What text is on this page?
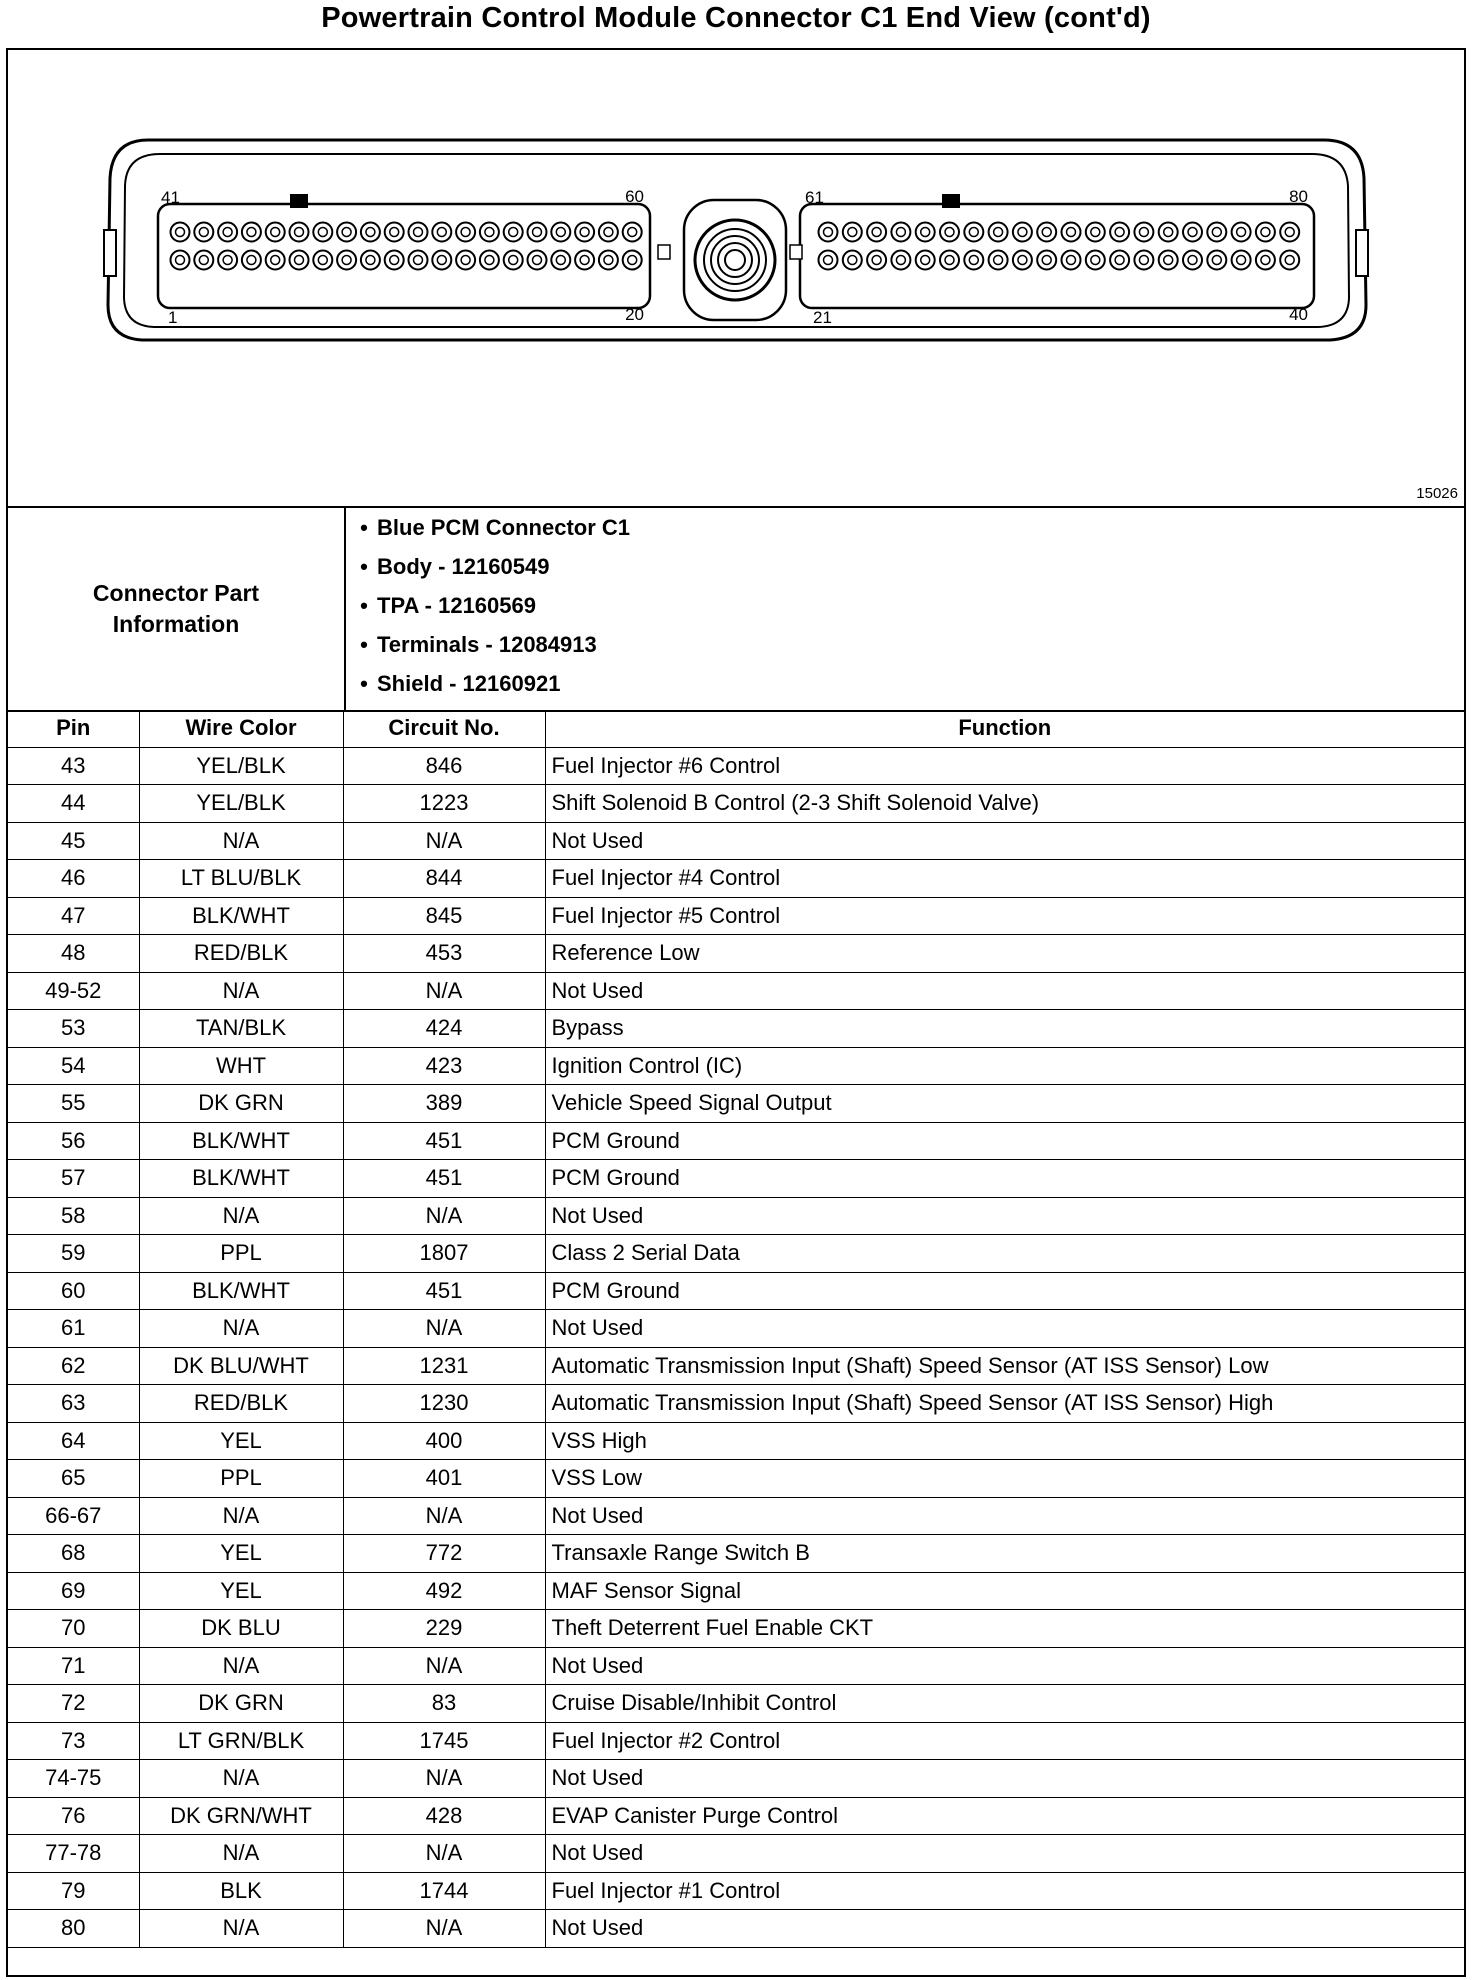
Powertrain Control Module Connector C1 End View (cont'd)
41	60
1	20
61	80
21	40
15026
Connector Part Information
• Blue PCM Connector C1
• Body - 12160549
• TPA - 12160569
• Terminals - 12084913
• Shield - 12160921
Pin	Wire Color	Circuit No.	Function
43	YEL/BLK	846	Fuel Injector #6 Control
44	YEL/BLK	1223	Shift Solenoid B Control (2-3 Shift Solenoid Valve)
45	N/A	N/A	Not Used
46	LT BLU/BLK	844	Fuel Injector #4 Control
47	BLK/WHT	845	Fuel Injector #5 Control
48	RED/BLK	453	Reference Low
49-52	N/A	N/A	Not Used
53	TAN/BLK	424	Bypass
54	WHT	423	Ignition Control (IC)
55	DK GRN	389	Vehicle Speed Signal Output
56	BLK/WHT	451	PCM Ground
57	BLK/WHT	451	PCM Ground
58	N/A	N/A	Not Used
59	PPL	1807	Class 2 Serial Data
60	BLK/WHT	451	PCM Ground
61	N/A	N/A	Not Used
62	DK BLU/WHT	1231	Automatic Transmission Input (Shaft) Speed Sensor (AT ISS Sensor) Low
63	RED/BLK	1230	Automatic Transmission Input (Shaft) Speed Sensor (AT ISS Sensor) High
64	YEL	400	VSS High
65	PPL	401	VSS Low
66-67	N/A	N/A	Not Used
68	YEL	772	Transaxle Range Switch B
69	YEL	492	MAF Sensor Signal
70	DK BLU	229	Theft Deterrent Fuel Enable CKT
71	N/A	N/A	Not Used
72	DK GRN	83	Cruise Disable/Inhibit Control
73	LT GRN/BLK	1745	Fuel Injector #2 Control
74-75	N/A	N/A	Not Used
76	DK GRN/WHT	428	EVAP Canister Purge Control
77-78	N/A	N/A	Not Used
79	BLK	1744	Fuel Injector #1 Control
80	N/A	N/A	Not Used
